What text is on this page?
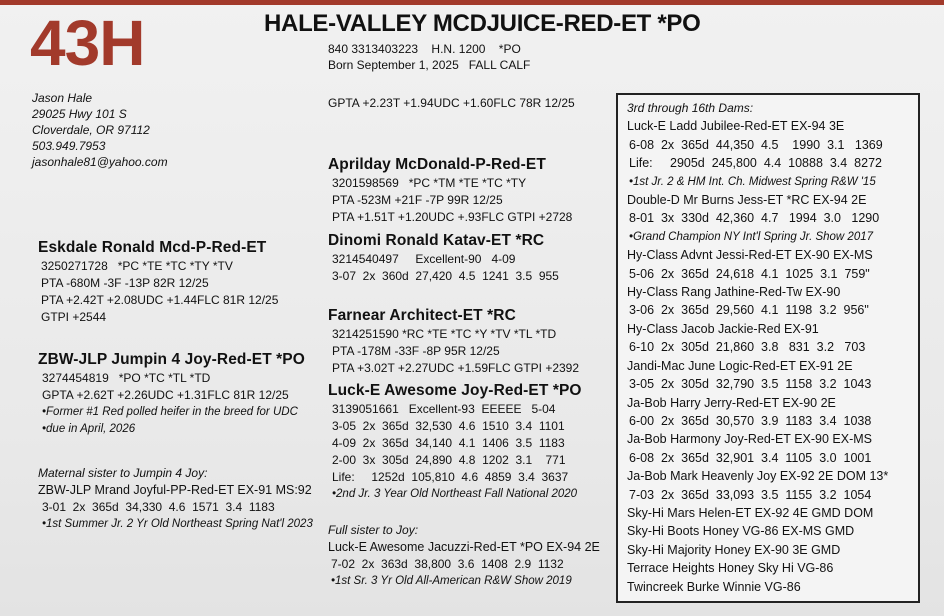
43H	HALE-VALLEY MCDJUICE-RED-ET *PO
840 3313403223    H.N. 1200    *PO
Born September 1, 2025   FALL CALF
GPTA +2.23T +1.94UDC +1.60FLC 78R 12/25
Jason Hale
29025 Hwy 101 S
Cloverdale, OR 97112
503.949.7953
jasonhale81@yahoo.com
Eskdale Ronald Mcd-P-Red-ET
3250271728   *PC *TE *TC *TY *TV
PTA -680M -3F -13P 82R 12/25
PTA +2.42T +2.08UDC +1.44FLC 81R 12/25
GTPI +2544
ZBW-JLP Jumpin 4 Joy-Red-ET *PO
3274454819   *PO *TC *TL *TD
GPTA +2.62T +2.26UDC +1.31FLC 81R 12/25
•Former #1 Red polled heifer in the breed for UDC
•due in April, 2026
Maternal sister to Jumpin 4 Joy:
ZBW-JLP Mrand Joyful-PP-Red-ET EX-91 MS:92
3-01  2x  365d  34,330  4.6  1571  3.4  1183
•1st Summer Jr. 2 Yr Old Northeast Spring Nat'l 2023
Aprilday McDonald-P-Red-ET
3201598569   *PC *TM *TE *TC *TY
PTA -523M +21F -7P 99R 12/25
PTA +1.51T +1.20UDC +.93FLC GTPI +2728
Dinomi Ronald Katav-ET *RC
3214540497     Excellent-90   4-09
3-07  2x  360d  27,420  4.5  1241  3.5  955
Farnear Architect-ET *RC
3214251590 *RC *TE *TC *Y *TV *TL *TD
PTA -178M -33F -8P 95R 12/25
PTA +3.02T +2.27UDC +1.59FLC GTPI +2392
Luck-E Awesome Joy-Red-ET *PO
3139051661   Excellent-93  EEEEE   5-04
3-05  2x  365d  32,530  4.6  1510  3.4  1101
4-09  2x  365d  34,140  4.1  1406  3.5  1183
2-00  3x  305d  24,890  4.8  1202  3.1    771
Life:     1252d  105,810  4.6  4859  3.4  3637
•2nd Jr. 3 Year Old Northeast Fall National 2020
Full sister to Joy:
Luck-E Awesome Jacuzzi-Red-ET *PO EX-94 2E
7-02  2x  363d  38,800  3.6  1408  2.9  1132
•1st Sr. 3 Yr Old All-American R&W Show 2019
3rd through 16th Dams:
Luck-E Ladd Jubilee-Red-ET EX-94 3E
6-08  2x  365d  44,350  4.5    1990  3.1   1369
Life:     2905d  245,800  4.4  10888  3.4  8272
•1st Jr. 2 & HM Int. Ch. Midwest Spring R&W '15
Double-D Mr Burns Jess-ET *RC EX-94 2E
8-01  3x  330d  42,360  4.7   1994  3.0   1290
•Grand Champion NY Int'l Spring Jr. Show 2017
Hy-Class Advnt Jessi-Red-ET EX-90 EX-MS
5-06  2x  365d  24,618  4.1  1025  3.1  759"
Hy-Class Rang Jathine-Red-Tw EX-90
3-06  2x  365d  29,560  4.1  1198  3.2  956"
Hy-Class Jacob Jackie-Red EX-91
6-10  2x  305d  21,860  3.8   831  3.2   703
Jandi-Mac June Logic-Red-ET EX-91 2E
3-05  2x  305d  32,790  3.5  1158  3.2  1043
Ja-Bob Harry Jerry-Red-ET EX-90 2E
6-00  2x  365d  30,570  3.9  1183  3.4  1038
Ja-Bob Harmony Joy-Red-ET EX-90 EX-MS
6-08  2x  365d  32,901  3.4  1105  3.0  1001
Ja-Bob Mark Heavenly Joy EX-92 2E DOM 13*
7-03  2x  365d  33,093  3.5  1155  3.2  1054
Sky-Hi Mars Helen-ET EX-92 4E GMD DOM
Sky-Hi Boots Honey VG-86 EX-MS GMD
Sky-Hi Majority Honey EX-90 3E GMD
Terrace Heights Honey Sky Hi VG-86
Twincreek Burke Winnie VG-86
